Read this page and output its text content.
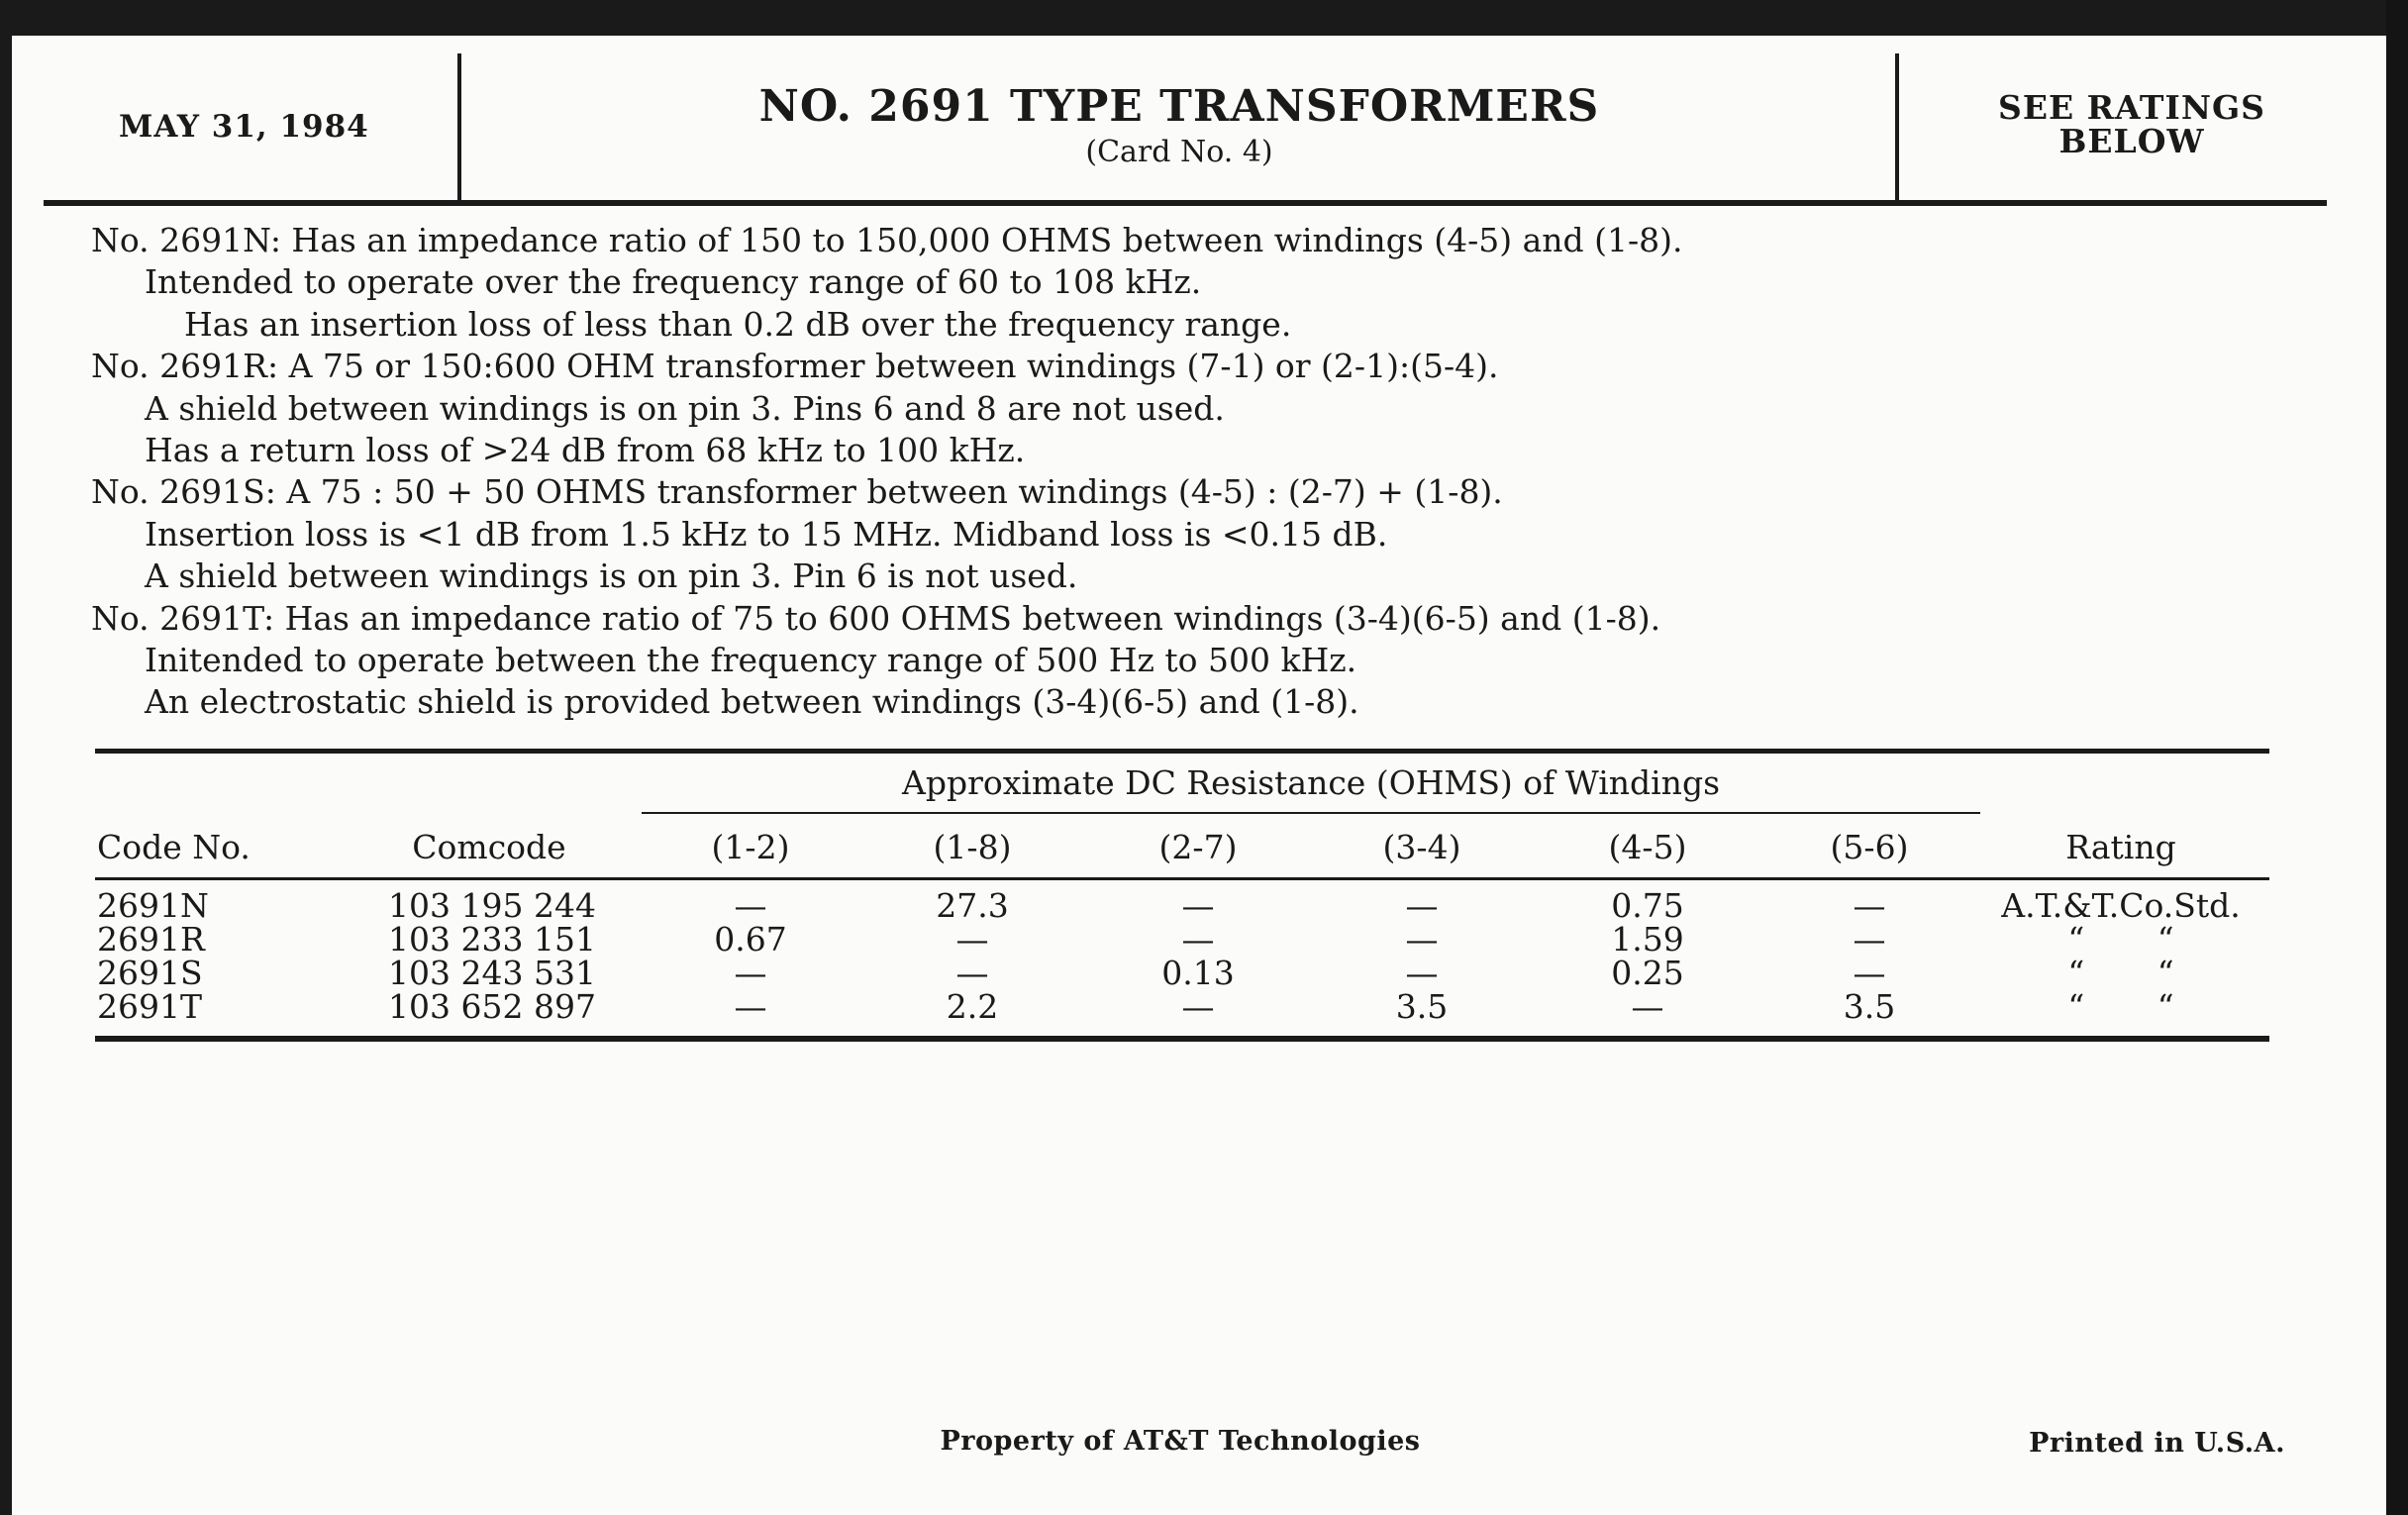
MAY 31, 1984	NO. 2691 TYPE TRANSFORMERS
(Card No. 4)
SEE RATINGS
BELOW
No. 2691N: Has an impedance ratio of 150 to 150,000 OHMS between windings (4-5) and (1-8).
Intended to operate over the frequency range of 60 to 108 kHz.
Has an insertion loss of less than 0.2 dB over the frequency range.
No. 2691R: A 75 or 150:600 OHM transformer between windings (7-1) or (2-1):(5-4).
A shield between windings is on pin 3. Pins 6 and 8 are not used.
Has a return loss of >24 dB from 68 kHz to 100 kHz.
No. 2691S: A 75 : 50 + 50 OHMS transformer between windings (4-5) : (2-7) + (1-8).
Insertion loss is <1 dB from 1.5 kHz to 15 MHz. Midband loss is <0.15 dB.
A shield between windings is on pin 3. Pin 6 is not used.
No. 2691T: Has an impedance ratio of 75 to 600 OHMS between windings (3-4)(6-5) and (1-8).
Initended to operate between the frequency range of 500 Hz to 500 kHz.
An electrostatic shield is provided between windings (3-4)(6-5) and (1-8).
Approximate DC Resistance (OHMS) of Windings
Code No.	Comcode	(1-2)	(1-8)	(2-7)	(3-4)	(4-5)	(5-6)	Rating
2691N	103 195 244	—	27.3	—	—	0.75	—	A.T.&T.Co.Std.
2691R	103 233 151	0.67	—	—	—	1.59	—	“       “
2691S	103 243 531	—	—	0.13	—	0.25	—	“       “
2691T	103 652 897	—	2.2	—	3.5	—	3.5	“       “
Property of AT&T Technologies	Printed in U.S.A.
